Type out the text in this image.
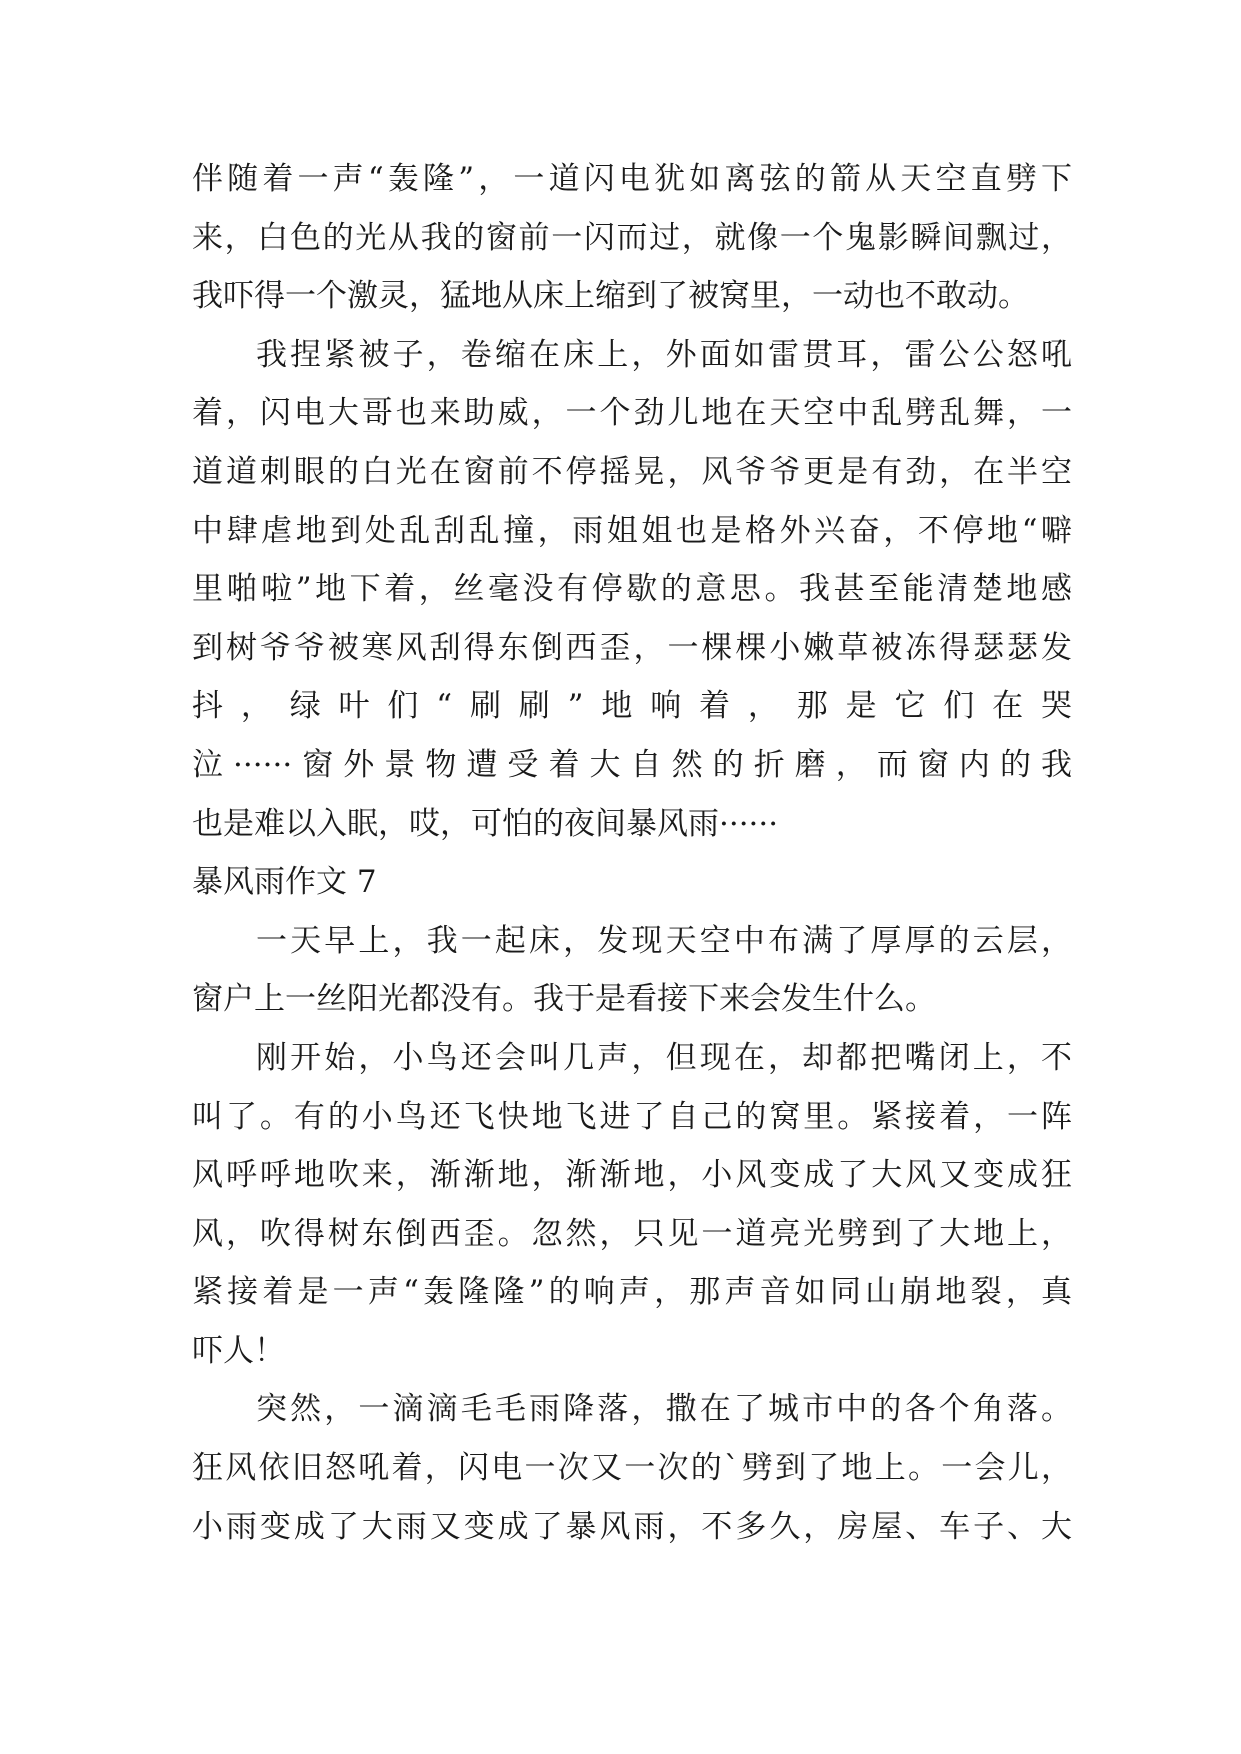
伴随着一声“轰隆”，一道闪电犹如离弦的箭从天空直劈下
来，白色的光从我的窗前一闪而过，就像一个鬼影瞬间飘过，
我吓得一个激灵，猛地从床上缩到了被窝里，一动也不敢动。
我捏紧被子，卷缩在床上，外面如雷贯耳，雷公公怒吼
着，闪电大哥也来助威，一个劲儿地在天空中乱劈乱舞，一
道道刺眼的白光在窗前不停摇晃，风爷爷更是有劲，在半空
中肆虐地到处乱刮乱撞，雨姐姐也是格外兴奋，不停地“噼
里啪啦”地下着，丝毫没有停歇的意思。我甚至能清楚地感
到树爷爷被寒风刮得东倒西歪，一棵棵小嫩草被冻得瑟瑟发
抖，绿叶们“刷刷”地响着，那是它们在哭
泣······窗外景物遭受着大自然的折磨，而窗内的我
也是难以入眠，哎，可怕的夜间暴风雨······
暴风雨作文 7
一天早上，我一起床，发现天空中布满了厚厚的云层，
窗户上一丝阳光都没有。我于是看接下来会发生什么。
刚开始，小鸟还会叫几声，但现在，却都把嘴闭上，不
叫了。有的小鸟还飞快地飞进了自己的窝里。紧接着，一阵
风呼呼地吹来，渐渐地，渐渐地，小风变成了大风又变成狂
风，吹得树东倒西歪。忽然，只见一道亮光劈到了大地上，
紧接着是一声“轰隆隆”的响声，那声音如同山崩地裂，真
吓人！
突然，一滴滴毛毛雨降落，撒在了城市中的各个角落。
狂风依旧怒吼着，闪电一次又一次的`劈到了地上。一会儿，
小雨变成了大雨又变成了暴风雨，不多久，房屋、车子、大
